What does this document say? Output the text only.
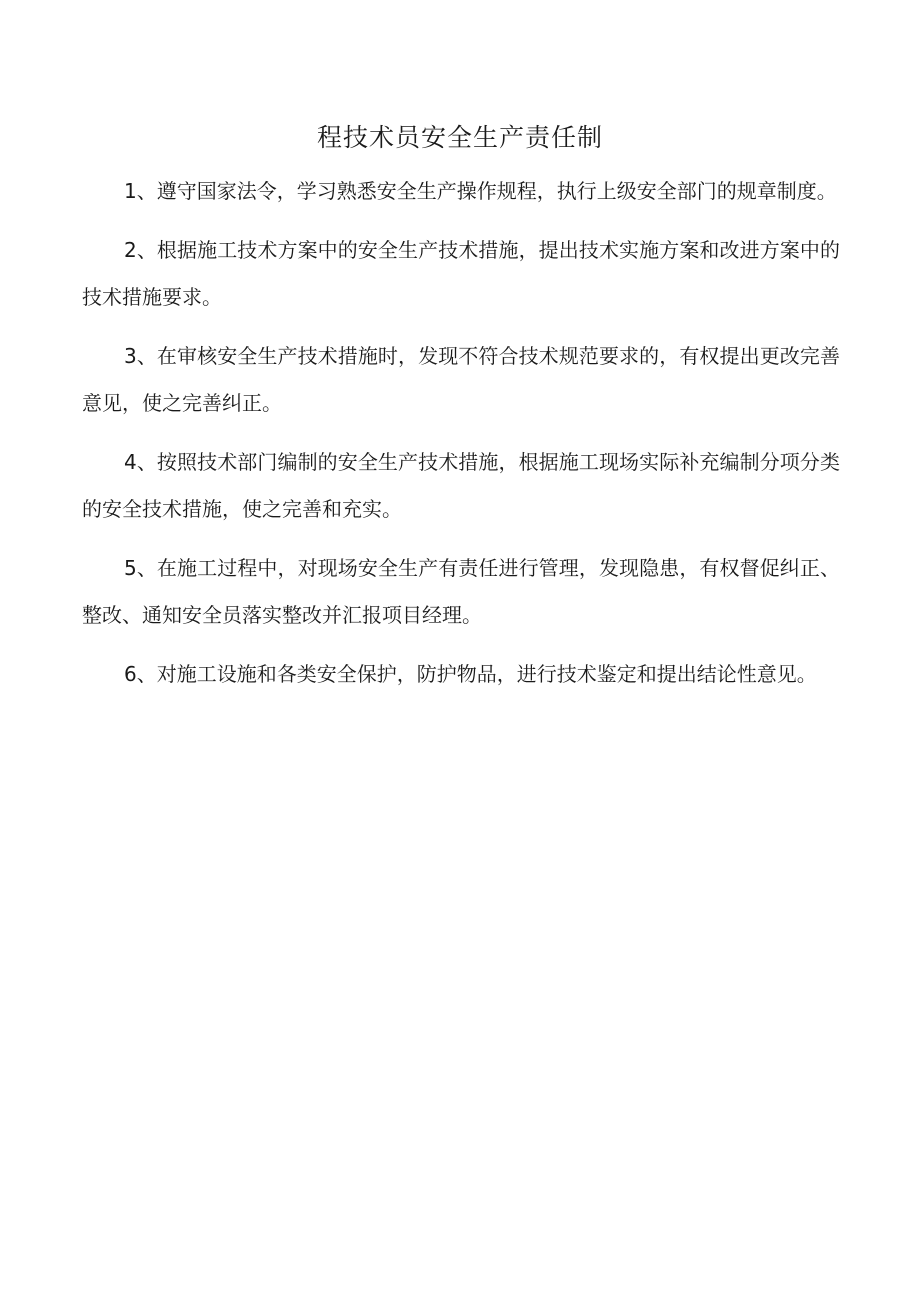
程技术员安全生产责任制

1、遵守国家法令，学习熟悉安全生产操作规程，执行上级安全部门的规章制度。

2、根据施工技术方案中的安全生产技术措施，提出技术实施方案和改进方案中的技术措施要求。

3、在审核安全生产技术措施时，发现不符合技术规范要求的，有权提出更改完善意见，使之完善纠正。

4、按照技术部门编制的安全生产技术措施，根据施工现场实际补充编制分项分类的安全技术措施，使之完善和充实。

5、在施工过程中，对现场安全生产有责任进行管理，发现隐患，有权督促纠正、整改、通知安全员落实整改并汇报项目经理。

6、对施工设施和各类安全保护，防护物品，进行技术鉴定和提出结论性意见。
